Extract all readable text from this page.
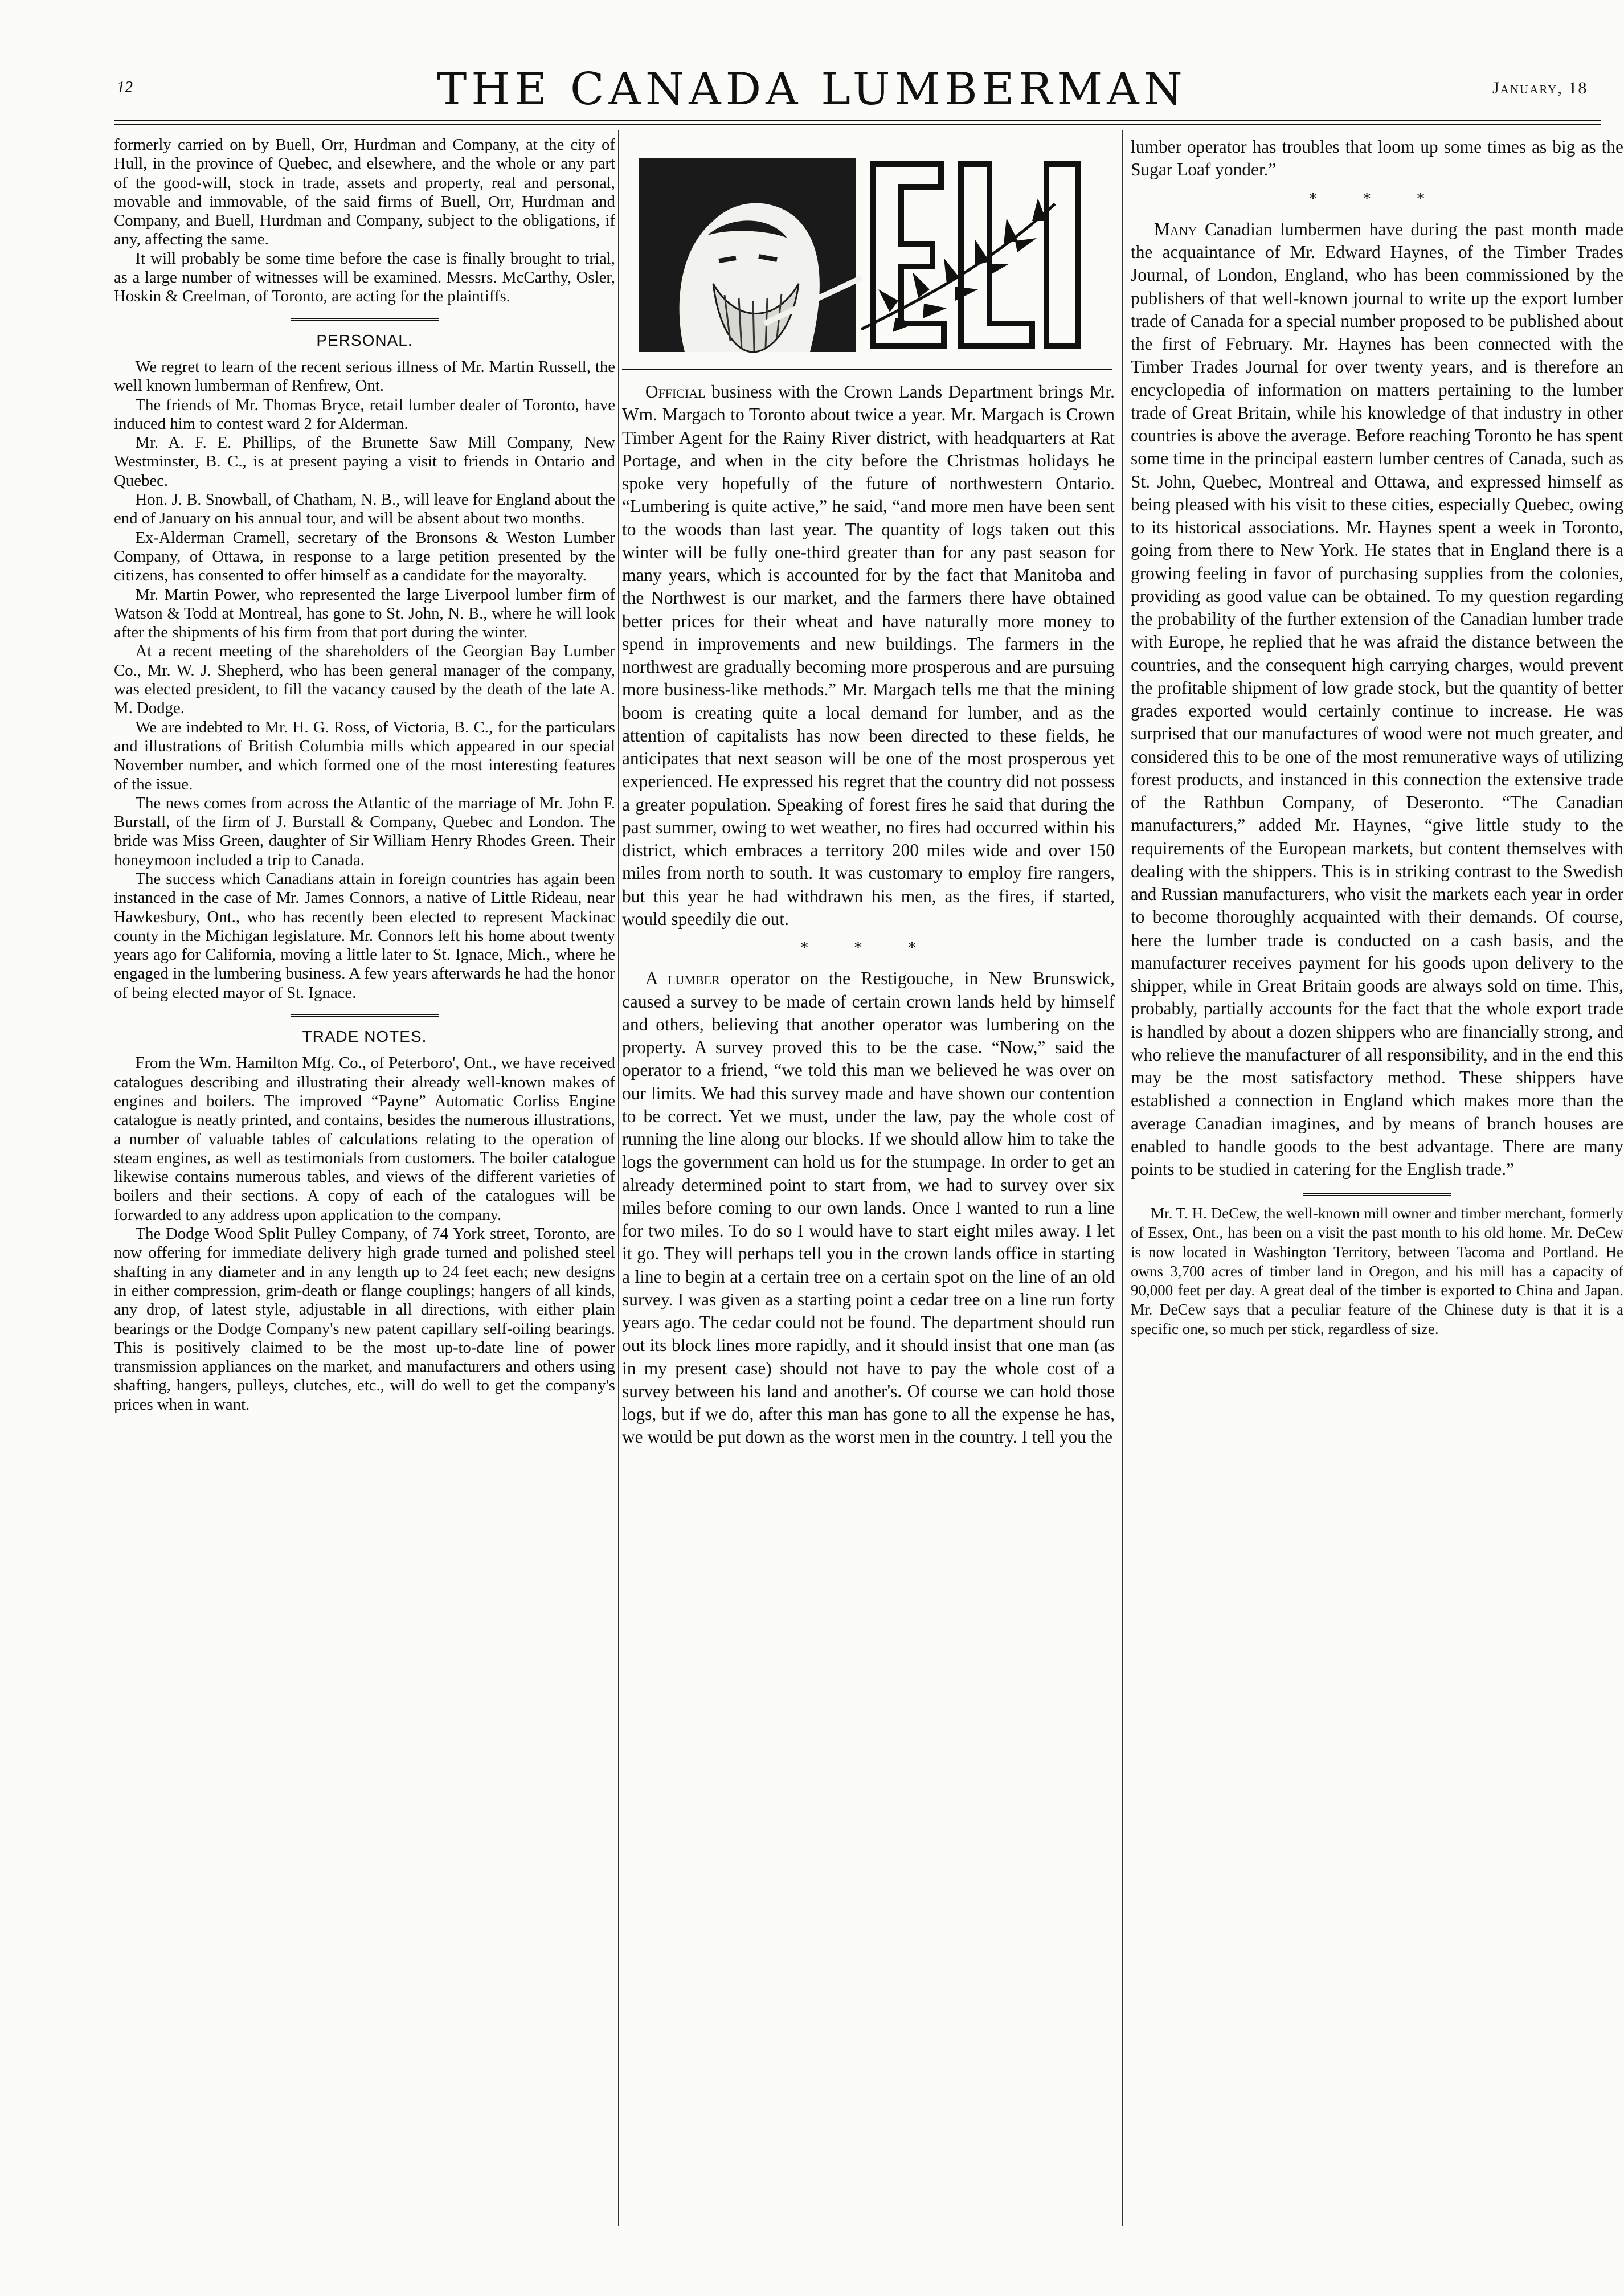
12	THE CANADA LUMBERMAN	January, 18

formerly carried on by Buell, Orr, Hurdman and Company, at the city of Hull, in the province of Quebec, and elsewhere, and the whole or any part of the good-will, stock in trade, assets and property, real and personal, movable and immovable, of the said firms of Buell, Orr, Hurdman and Company, and Buell, Hurdman and Company, subject to the obligations, if any, affecting the same.

It will probably be some time before the case is finally brought to trial, as a large number of witnesses will be examined. Messrs. McCarthy, Osler, Hoskin & Creelman, of Toronto, are acting for the plaintiffs.

PERSONAL.

We regret to learn of the recent serious illness of Mr. Martin Russell, the well known lumberman of Renfrew, Ont.

The friends of Mr. Thomas Bryce, retail lumber dealer of Toronto, have induced him to contest ward 2 for Alderman.

Mr. A. F. E. Phillips, of the Brunette Saw Mill Company, New Westminster, B. C., is at present paying a visit to friends in Ontario and Quebec.

Hon. J. B. Snowball, of Chatham, N. B., will leave for England about the end of January on his annual tour, and will be absent about two months.

Ex-Alderman Cramell, secretary of the Bronsons & Weston Lumber Company, of Ottawa, in response to a large petition presented by the citizens, has consented to offer himself as a candidate for the mayoralty.

Mr. Martin Power, who represented the large Liverpool lumber firm of Watson & Todd at Montreal, has gone to St. John, N. B., where he will look after the shipments of his firm from that port during the winter.

At a recent meeting of the shareholders of the Georgian Bay Lumber Co., Mr. W. J. Shepherd, who has been general manager of the company, was elected president, to fill the vacancy caused by the death of the late A. M. Dodge.

We are indebted to Mr. H. G. Ross, of Victoria, B. C., for the particulars and illustrations of British Columbia mills which appeared in our special November number, and which formed one of the most interesting features of the issue.

The news comes from across the Atlantic of the marriage of Mr. John F. Burstall, of the firm of J. Burstall & Company, Quebec and London. The bride was Miss Green, daughter of Sir William Henry Rhodes Green. Their honeymoon included a trip to Canada.

The success which Canadians attain in foreign countries has again been instanced in the case of Mr. James Connors, a native of Little Rideau, near Hawkesbury, Ont., who has recently been elected to represent Mackinac county in the Michigan legislature. Mr. Connors left his home about twenty years ago for California, moving a little later to St. Ignace, Mich., where he engaged in the lumbering business. A few years afterwards he had the honor of being elected mayor of St. Ignace.

TRADE NOTES.

From the Wm. Hamilton Mfg. Co., of Peterboro', Ont., we have received catalogues describing and illustrating their already well-known makes of engines and boilers. The improved “Payne” Automatic Corliss Engine catalogue is neatly printed, and contains, besides the numerous illustrations, a number of valuable tables of calculations relating to the operation of steam engines, as well as testimonials from customers. The boiler catalogue likewise contains numerous tables, and views of the different varieties of boilers and their sections. A copy of each of the catalogues will be forwarded to any address upon application to the company.

The Dodge Wood Split Pulley Company, of 74 York street, Toronto, are now offering for immediate delivery high grade turned and polished steel shafting in any diameter and in any length up to 24 feet each; new designs in either compression, grim-death or flange couplings; hangers of all kinds, any drop, of latest style, adjustable in all directions, with either plain bearings or the Dodge Company's new patent capillary self-oiling bearings. This is positively claimed to be the most up-to-date line of power transmission appliances on the market, and manufacturers and others using shafting, hangers, pulleys, clutches, etc., will do well to get the company's prices when in want.

Official business with the Crown Lands Department brings Mr. Wm. Margach to Toronto about twice a year. Mr. Margach is Crown Timber Agent for the Rainy River district, with headquarters at Rat Portage, and when in the city before the Christmas holidays he spoke very hopefully of the future of northwestern Ontario. “Lumbering is quite active,” he said, “and more men have been sent to the woods than last year. The quantity of logs taken out this winter will be fully one-third greater than for any past season for many years, which is accounted for by the fact that Manitoba and the Northwest is our market, and the farmers there have obtained better prices for their wheat and have naturally more money to spend in improvements and new buildings. The farmers in the northwest are gradually becoming more prosperous and are pursuing more business-like methods.” Mr. Margach tells me that the mining boom is creating quite a local demand for lumber, and as the attention of capitalists has now been directed to these fields, he anticipates that next season will be one of the most prosperous yet experienced. He expressed his regret that the country did not possess a greater population. Speaking of forest fires he said that during the past summer, owing to wet weather, no fires had occurred within his district, which embraces a territory 200 miles wide and over 150 miles from north to south. It was customary to employ fire rangers, but this year he had withdrawn his men, as the fires, if started, would speedily die out.

* * *

A lumber operator on the Restigouche, in New Brunswick, caused a survey to be made of certain crown lands held by himself and others, believing that another operator was lumbering on the property. A survey proved this to be the case. “Now,” said the operator to a friend, “we told this man we believed he was over on our limits. We had this survey made and have shown our contention to be correct. Yet we must, under the law, pay the whole cost of running the line along our blocks. If we should allow him to take the logs the government can hold us for the stumpage. In order to get an already determined point to start from, we had to survey over six miles before coming to our own lands. Once I wanted to run a line for two miles. To do so I would have to start eight miles away. I let it go. They will perhaps tell you in the crown lands office in starting a line to begin at a certain tree on a certain spot on the line of an old survey. I was given as a starting point a cedar tree on a line run forty years ago. The cedar could not be found. The department should run out its block lines more rapidly, and it should insist that one man (as in my present case) should not have to pay the whole cost of a survey between his land and another's. Of course we can hold those logs, but if we do, after this man has gone to all the expense he has, we would be put down as the worst men in the country. I tell you the

lumber operator has troubles that loom up some times as big as the Sugar Loaf yonder.”

* * *

Many Canadian lumbermen have during the past month made the acquaintance of Mr. Edward Haynes, of the Timber Trades Journal, of London, England, who has been commissioned by the publishers of that well-known journal to write up the export lumber trade of Canada for a special number proposed to be published about the first of February. Mr. Haynes has been connected with the Timber Trades Journal for over twenty years, and is therefore an encyclopedia of information on matters pertaining to the lumber trade of Great Britain, while his knowledge of that industry in other countries is above the average. Before reaching Toronto he has spent some time in the principal eastern lumber centres of Canada, such as St. John, Quebec, Montreal and Ottawa, and expressed himself as being pleased with his visit to these cities, especially Quebec, owing to its historical associations. Mr. Haynes spent a week in Toronto, going from there to New York. He states that in England there is a growing feeling in favor of purchasing supplies from the colonies, providing as good value can be obtained. To my question regarding the probability of the further extension of the Canadian lumber trade with Europe, he replied that he was afraid the distance between the countries, and the consequent high carrying charges, would prevent the profitable shipment of low grade stock, but the quantity of better grades exported would certainly continue to increase. He was surprised that our manufactures of wood were not much greater, and considered this to be one of the most remunerative ways of utilizing forest products, and instanced in this connection the extensive trade of the Rathbun Company, of Deseronto. “The Canadian manufacturers,” added Mr. Haynes, “give little study to the requirements of the European markets, but content themselves with dealing with the shippers. This is in striking contrast to the Swedish and Russian manufacturers, who visit the markets each year in order to become thoroughly acquainted with their demands. Of course, here the lumber trade is conducted on a cash basis, and the manufacturer receives payment for his goods upon delivery to the shipper, while in Great Britain goods are always sold on time. This, probably, partially accounts for the fact that the whole export trade is handled by about a dozen shippers who are financially strong, and who relieve the manufacturer of all responsibility, and in the end this may be the most satisfactory method. These shippers have established a connection in England which makes more than the average Canadian imagines, and by means of branch houses are enabled to handle goods to the best advantage. There are many points to be studied in catering for the English trade.”

Mr. T. H. DeCew, the well-known mill owner and timber merchant, formerly of Essex, Ont., has been on a visit the past month to his old home. Mr. DeCew is now located in Washington Territory, between Tacoma and Portland. He owns 3,700 acres of timber land in Oregon, and his mill has a capacity of 90,000 feet per day. A great deal of the timber is exported to China and Japan. Mr. DeCew says that a peculiar feature of the Chinese duty is that it is a specific one, so much per stick, regardless of size.
